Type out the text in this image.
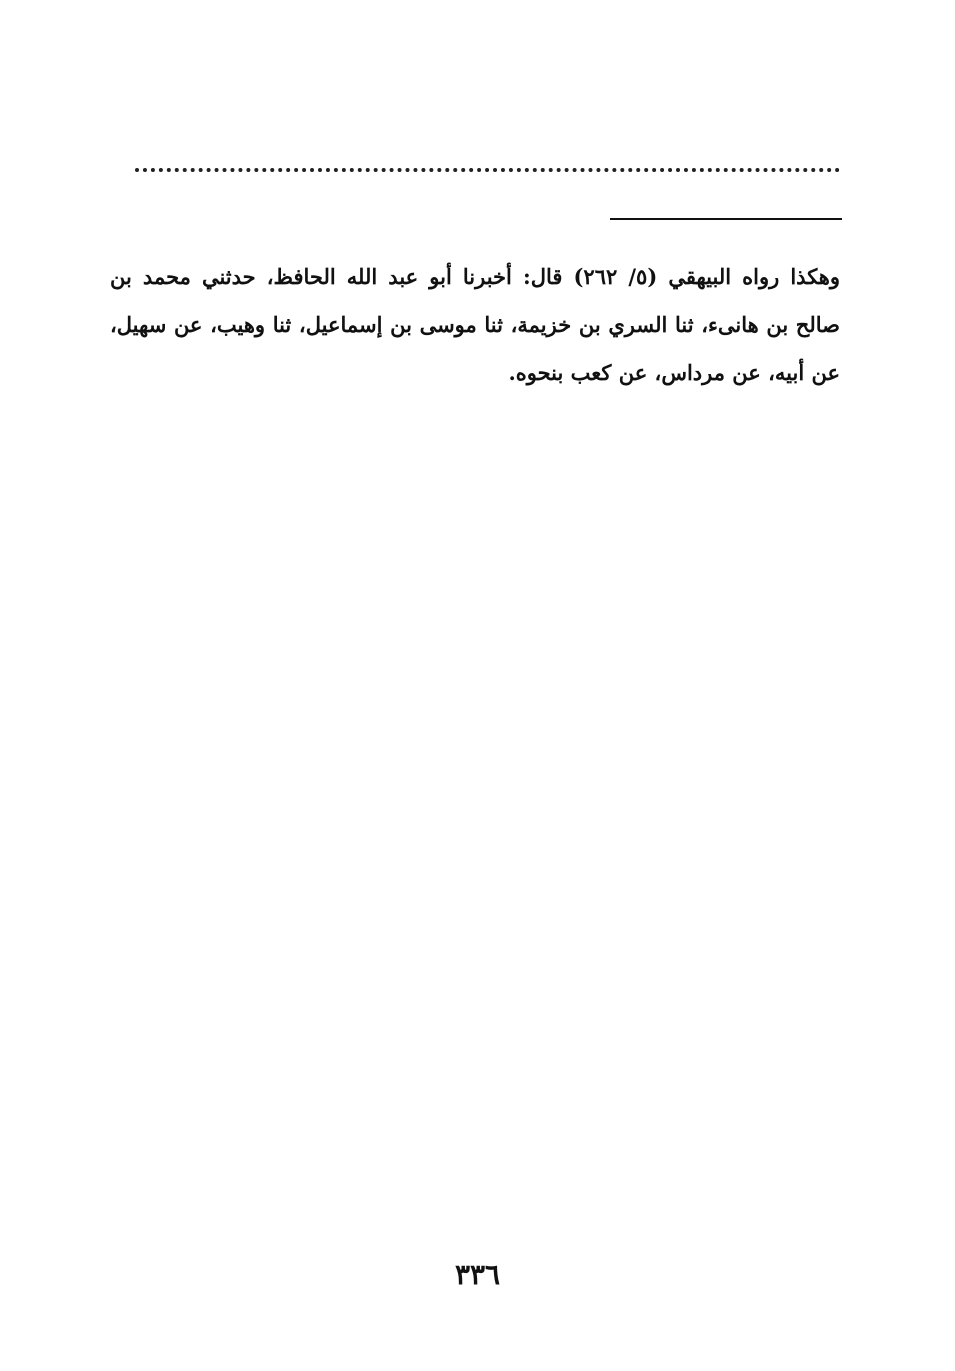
وهكذا رواه البيهقي (٥/ ٢٦٢) قال: أخبرنا أبو عبد الله الحافظ، حدثني محمد بن صالح بن هانىء، ثنا السري بن خزيمة، ثنا موسى بن إسماعيل، ثنا وهيب، عن سهيل، عن أبيه، عن مرداس، عن كعب بنحوه.

٣٣٦
